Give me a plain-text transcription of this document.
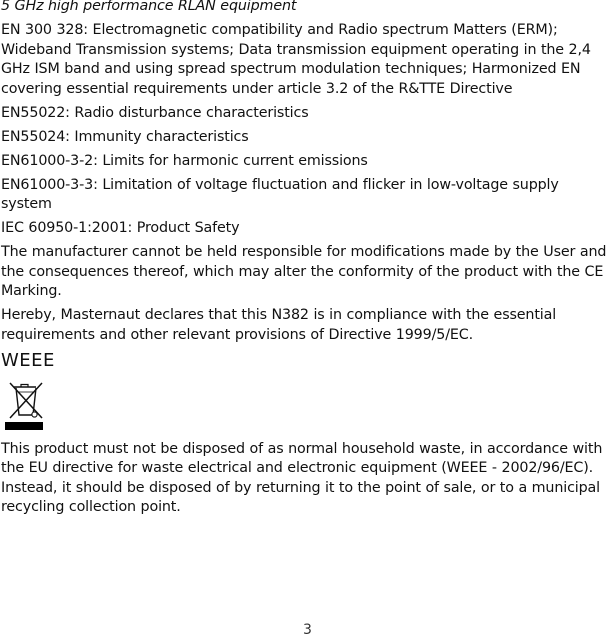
5 GHz high performance RLAN equipment

EN 300 328: Electromagnetic compatibility and Radio spectrum Matters (ERM); Wideband Transmission systems; Data transmission equipment operating in the 2,4 GHz ISM band and using spread spectrum modulation techniques; Harmonized EN covering essential requirements under article 3.2 of the R&TTE Directive

EN55022: Radio disturbance characteristics

EN55024: Immunity characteristics

EN61000-3-2: Limits for harmonic current emissions

EN61000-3-3: Limitation of voltage fluctuation and flicker in low-voltage supply system

IEC 60950-1:2001: Product Safety

The manufacturer cannot be held responsible for modifications made by the User and the consequences thereof, which may alter the conformity of the product with the CE Marking.

Hereby, Masternaut declares that this N382 is in compliance with the essential requirements and other relevant provisions of Directive 1999/5/EC.

WEEE

This product must not be disposed of as normal household waste, in accordance with the EU directive for waste electrical and electronic equipment (WEEE - 2002/96/EC). Instead, it should be disposed of by returning it to the point of sale, or to a municipal recycling collection point.

3
